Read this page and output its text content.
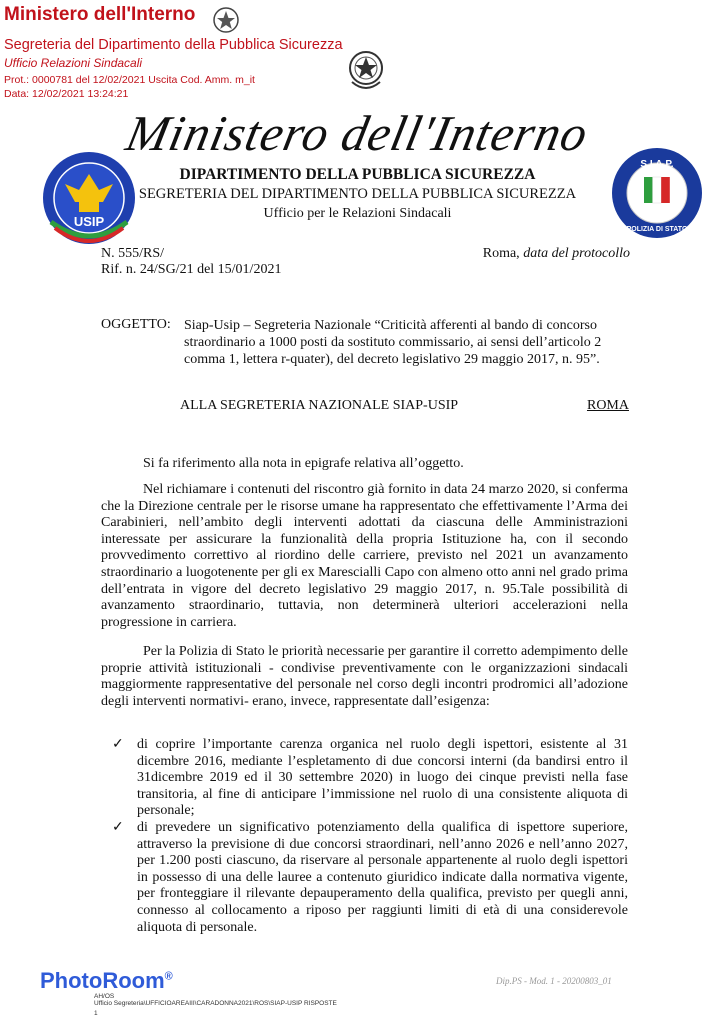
Ministero dell'Interno
Segreteria del Dipartimento della Pubblica Sicurezza
Ufficio Relazioni Sindacali
Prot.: 0000781 del 12/02/2021 Uscita Cod. Amm. m_it
Data: 12/02/2021 13:24:21
Ministero dell'Interno
DIPARTIMENTO DELLA PUBBLICA SICUREZZA
SEGRETERIA DEL DIPARTIMENTO DELLA PUBBLICA SICUREZZA
Ufficio per le Relazioni Sindacali
USIP
S.I.A.P.
POLIZIA DI STATO
N. 555/RS/
Rif. n. 24/SG/21 del 15/01/2021
Roma, data del protocollo
OGGETTO: Siap-Usip – Segreteria Nazionale “Criticità afferenti al bando di concorso straordinario a 1000 posti da sostituto commissario, ai sensi dell’articolo 2 comma 1, lettera r-quater), del decreto legislativo 29 maggio 2017, n. 95”.
ALLA SEGRETERIA NAZIONALE SIAP-USIP	ROMA
Si fa riferimento alla nota in epigrafe relativa all’oggetto.
Nel richiamare i contenuti del riscontro già fornito in data 24 marzo 2020, si conferma che la Direzione centrale per le risorse umane ha rappresentato che effettivamente l’Arma dei Carabinieri, nell’ambito degli interventi adottati da ciascuna delle Amministrazioni interessate per assicurare la funzionalità della propria Istituzione ha, con il secondo provvedimento correttivo al riordino delle carriere, previsto nel 2021 un avanzamento straordinario a luogotenente per gli ex Marescialli Capo con almeno otto anni nel grado prima dell’entrata in vigore del decreto legislativo 29 maggio 2017, n. 95.Tale possibilità di avanzamento straordinario, tuttavia, non determinerà ulteriori accelerazioni nella progressione in carriera.
Per la Polizia di Stato le priorità necessarie per garantire il corretto adempimento delle proprie attività istituzionali - condivise preventivamente con le organizzazioni sindacali maggiormente rappresentative del personale nel corso degli incontri prodromici all’adozione degli interventi normativi- erano, invece, rappresentate dall’esigenza:
✓ di coprire l’importante carenza organica nel ruolo degli ispettori, esistente al 31 dicembre 2016, mediante l’espletamento di due concorsi interni (da bandirsi entro il 31dicembre 2019 ed il 30 settembre 2020) in luogo dei cinque previsti nella fase transitoria, al fine di anticipare l’immissione nel ruolo di una consistente aliquota di personale;
✓ di prevedere un significativo potenziamento della qualifica di ispettore superiore, attraverso la previsione di due concorsi straordinari, nell’anno 2026 e nell’anno 2027, per 1.200 posti ciascuno, da riservare al personale appartenente al ruolo degli ispettori in possesso di una delle lauree a contenuto giuridico indicate dalla normativa vigente, per fronteggiare il rilevante depauperamento della qualifica, previsto per quegli anni, connesso al collocamento a riposo per raggiunti limiti di età di una considerevole aliquota di personale.
PhotoRoom®	Dip.PS - Mod. 1 - 20200803_01
AH/OS
Ufficio Segreteria\UFFICIOAREAIII\CARADONNA2021\ROS\SIAP-USIP RISPOSTE
1
